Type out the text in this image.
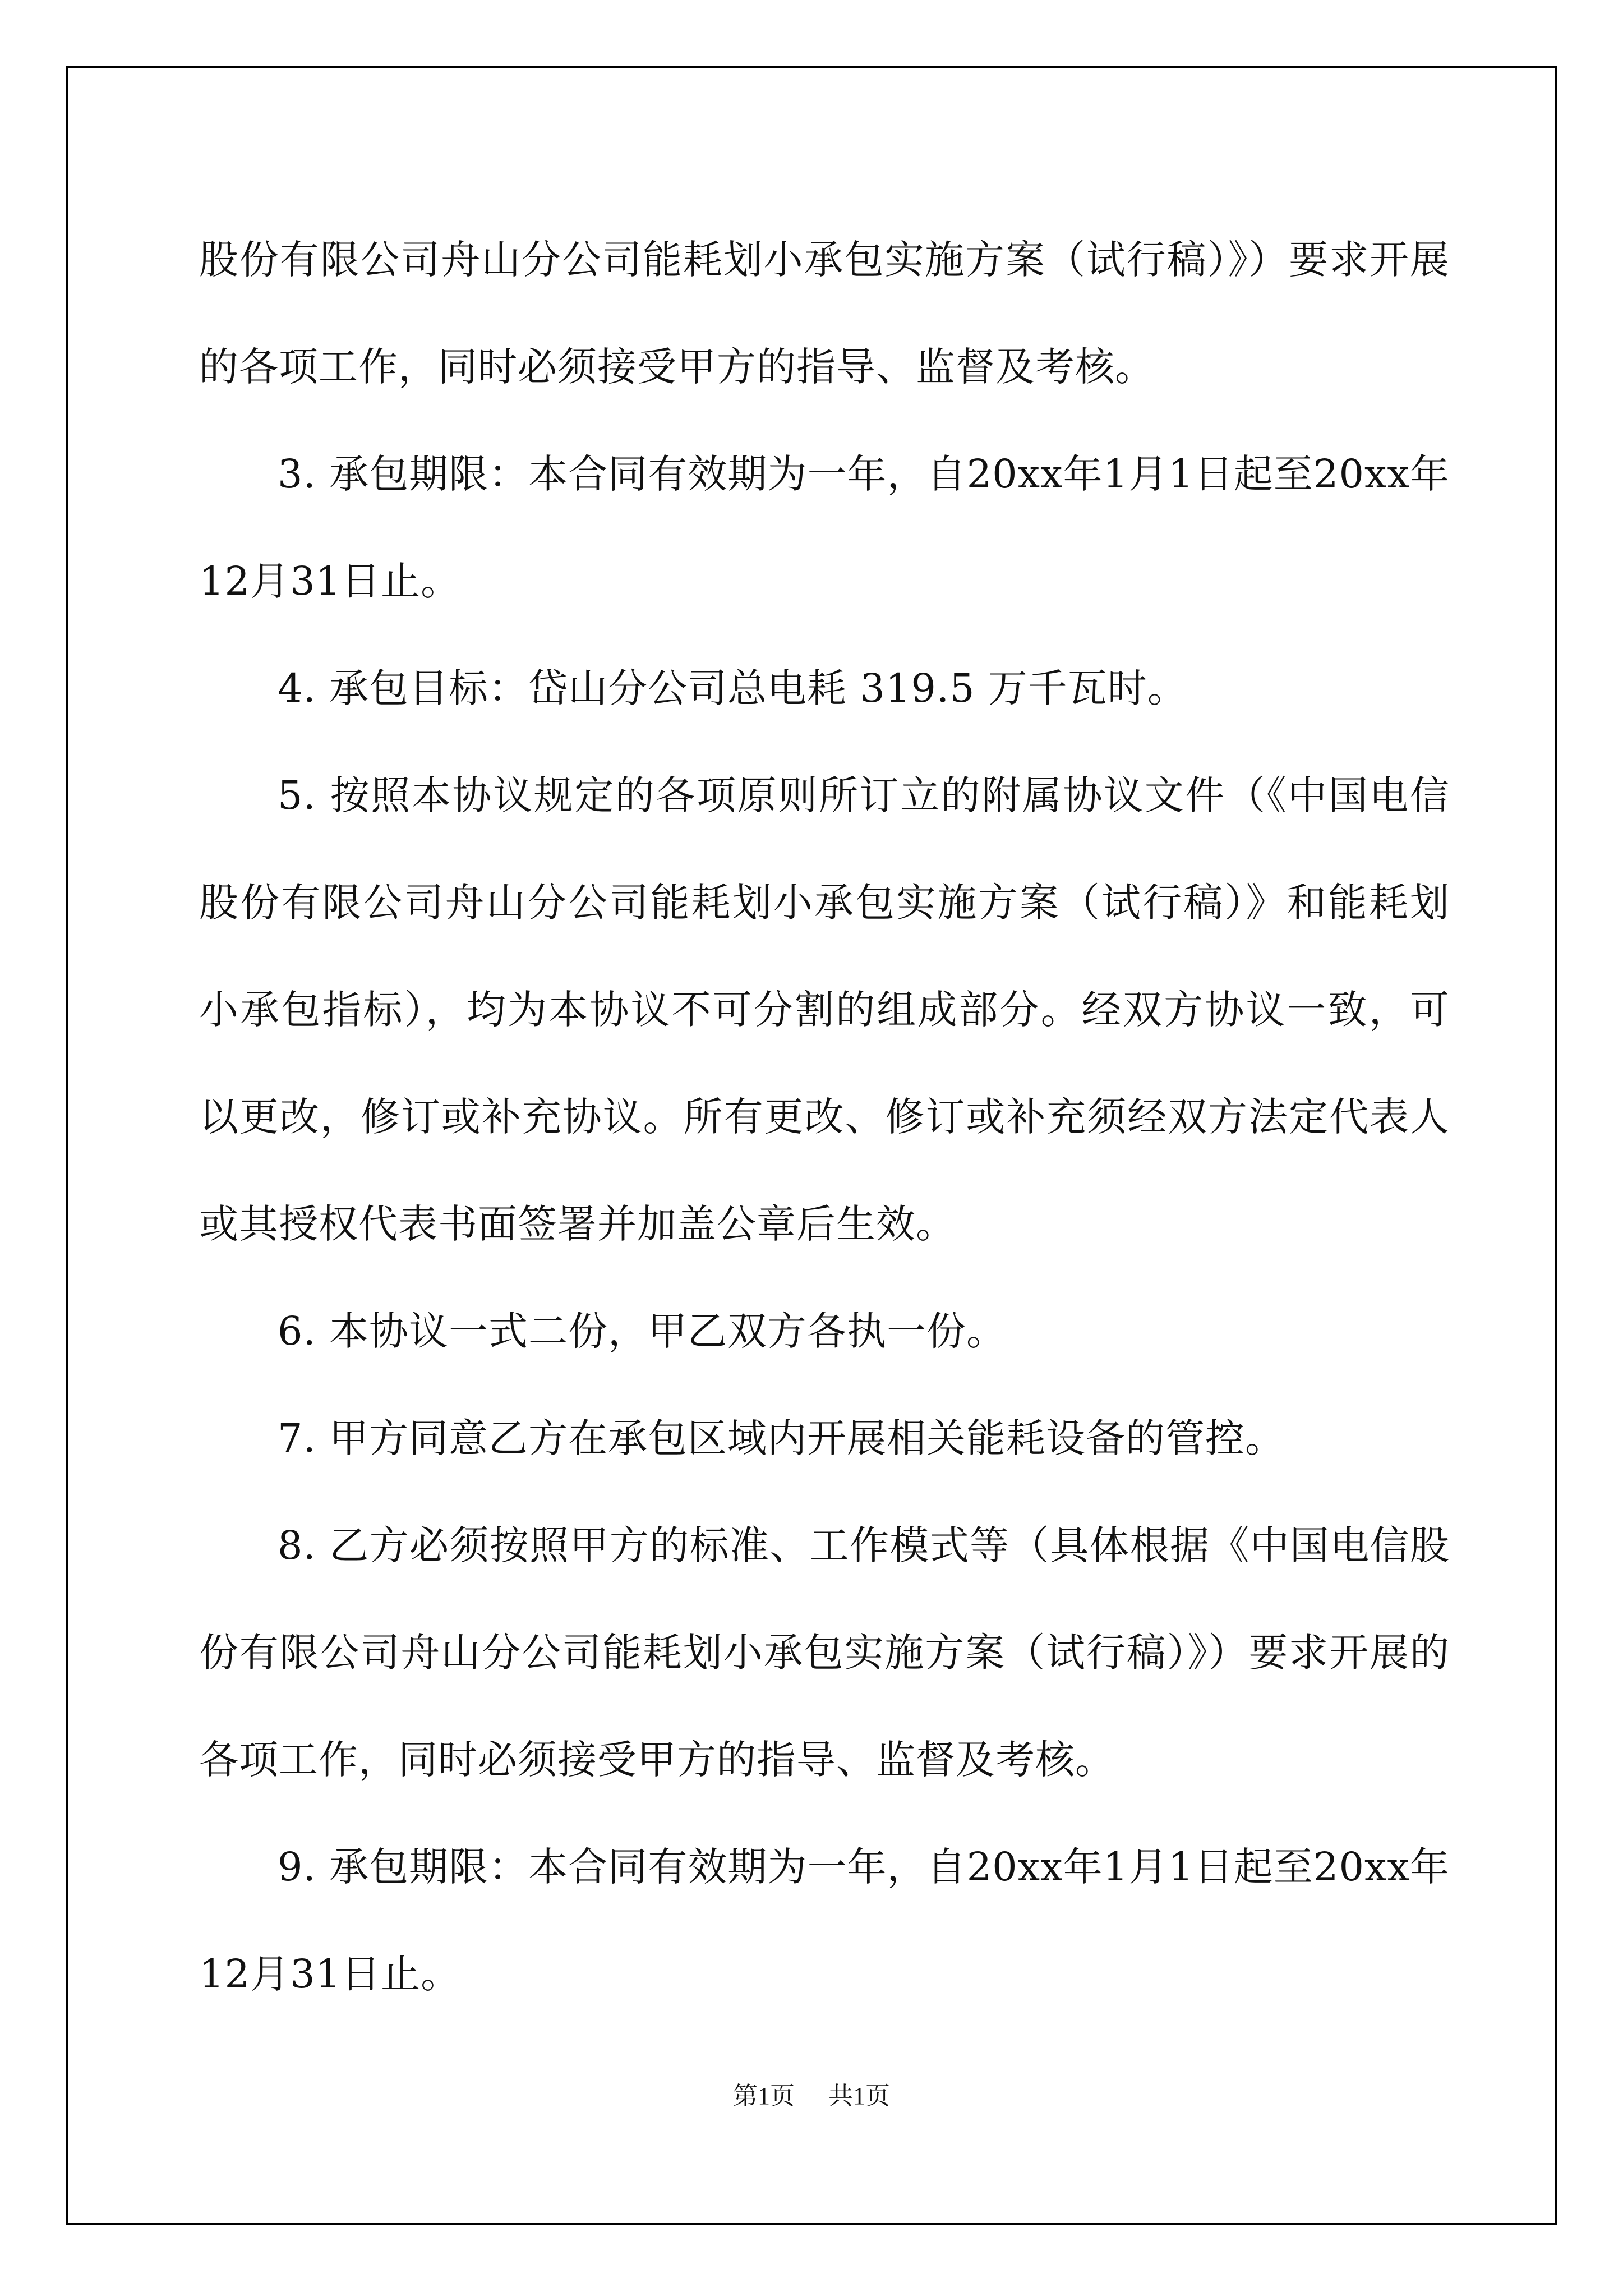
股份有限公司舟山分公司能耗划小承包实施方案（试行稿）》）要求开展的各项工作，同时必须接受甲方的指导、监督及考核。

3. 承包期限：本合同有效期为一年，自20xx年1月1日起至20xx年12月31日止。

4. 承包目标：岱山分公司总电耗 319.5 万千瓦时。

5. 按照本协议规定的各项原则所订立的附属协议文件（《中国电信股份有限公司舟山分公司能耗划小承包实施方案（试行稿）》和能耗划小承包指标），均为本协议不可分割的组成部分。经双方协议一致，可以更改，修订或补充协议。所有更改、修订或补充须经双方法定代表人或其授权代表书面签署并加盖公章后生效。

6. 本协议一式二份，甲乙双方各执一份。

7. 甲方同意乙方在承包区域内开展相关能耗设备的管控。

8. 乙方必须按照甲方的标准、工作模式等（具体根据《中国电信股份有限公司舟山分公司能耗划小承包实施方案（试行稿）》）要求开展的各项工作，同时必须接受甲方的指导、监督及考核。

9. 承包期限：本合同有效期为一年，自20xx年1月1日起至20xx年12月31日止。

第1页 共1页
